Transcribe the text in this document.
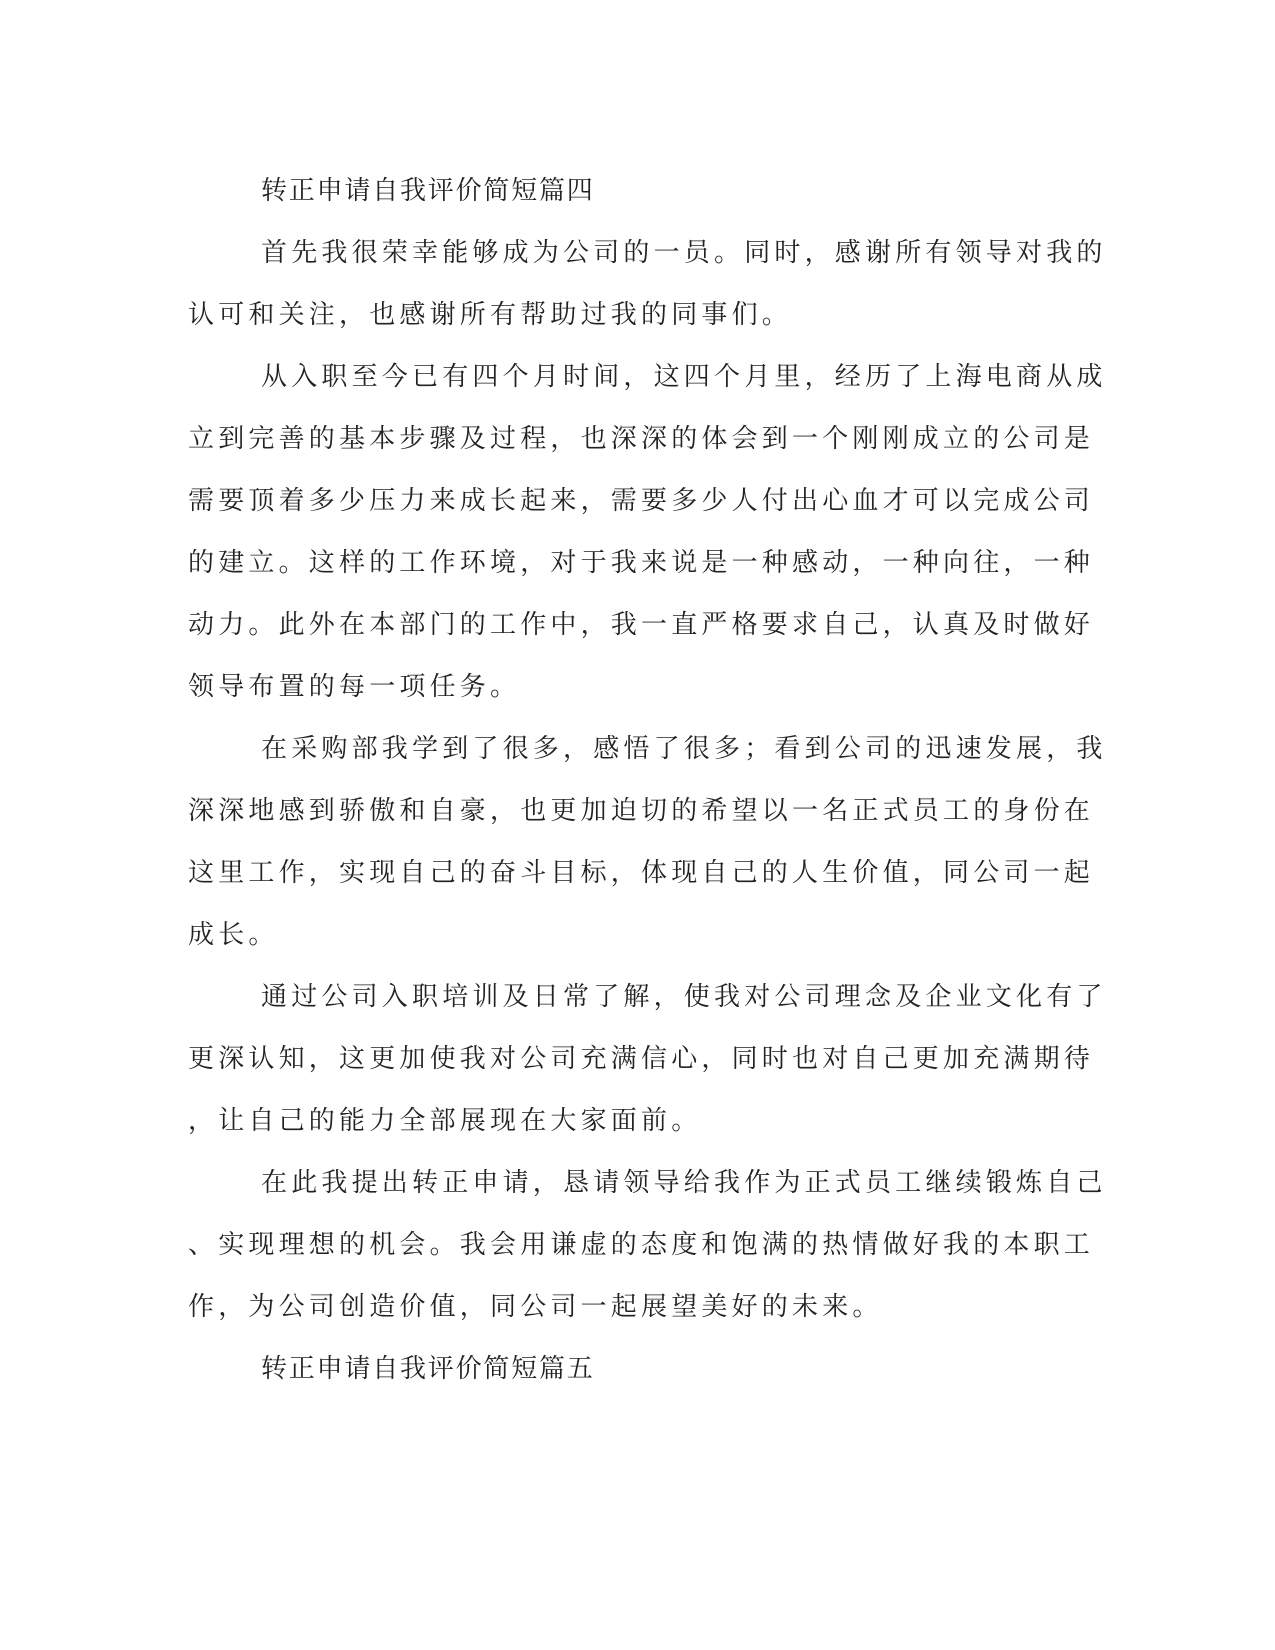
转正申请自我评价简短篇四

首先我很荣幸能够成为公司的一员。同时，感谢所有领导对我的
认可和关注，也感谢所有帮助过我的同事们。

从入职至今已有四个月时间，这四个月里，经历了上海电商从成
立到完善的基本步骤及过程，也深深的体会到一个刚刚成立的公司是
需要顶着多少压力来成长起来，需要多少人付出心血才可以完成公司
的建立。这样的工作环境，对于我来说是一种感动，一种向往，一种
动力。此外在本部门的工作中，我一直严格要求自己，认真及时做好
领导布置的每一项任务。

在采购部我学到了很多，感悟了很多；看到公司的迅速发展，我
深深地感到骄傲和自豪，也更加迫切的希望以一名正式员工的身份在
这里工作，实现自己的奋斗目标，体现自己的人生价值，同公司一起
成长。

通过公司入职培训及日常了解，使我对公司理念及企业文化有了
更深认知，这更加使我对公司充满信心，同时也对自己更加充满期待
，让自己的能力全部展现在大家面前。

在此我提出转正申请，恳请领导给我作为正式员工继续锻炼自己
、实现理想的机会。我会用谦虚的态度和饱满的热情做好我的本职工
作，为公司创造价值，同公司一起展望美好的未来。

转正申请自我评价简短篇五
